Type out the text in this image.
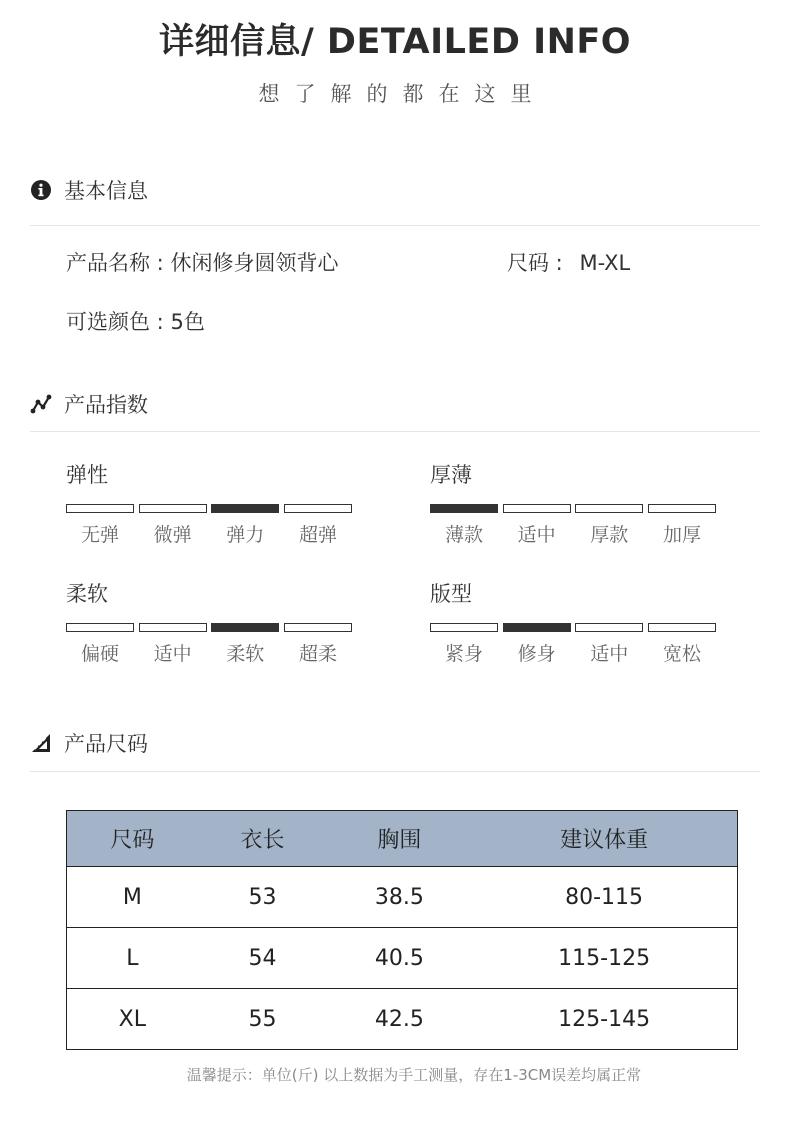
详细信息/ DETAILED INFO
想了解的都在这里
基本信息
产品名称 : 休闲修身圆领背心	尺码 : M-XL
可选颜色 : 5色
产品指数
弹性
无弹	微弹	弹力	超弹
厚薄
薄款	适中	厚款	加厚
柔软
偏硬	适中	柔软	超柔
版型
紧身	修身	适中	宽松
产品尺码
尺码	衣长	胸围	建议体重
M	53	38.5	80-115
L	54	40.5	115-125
XL	55	42.5	125-145
温馨提示：单位(斤) 以上数据为手工测量，存在1-3CM误差均属正常
